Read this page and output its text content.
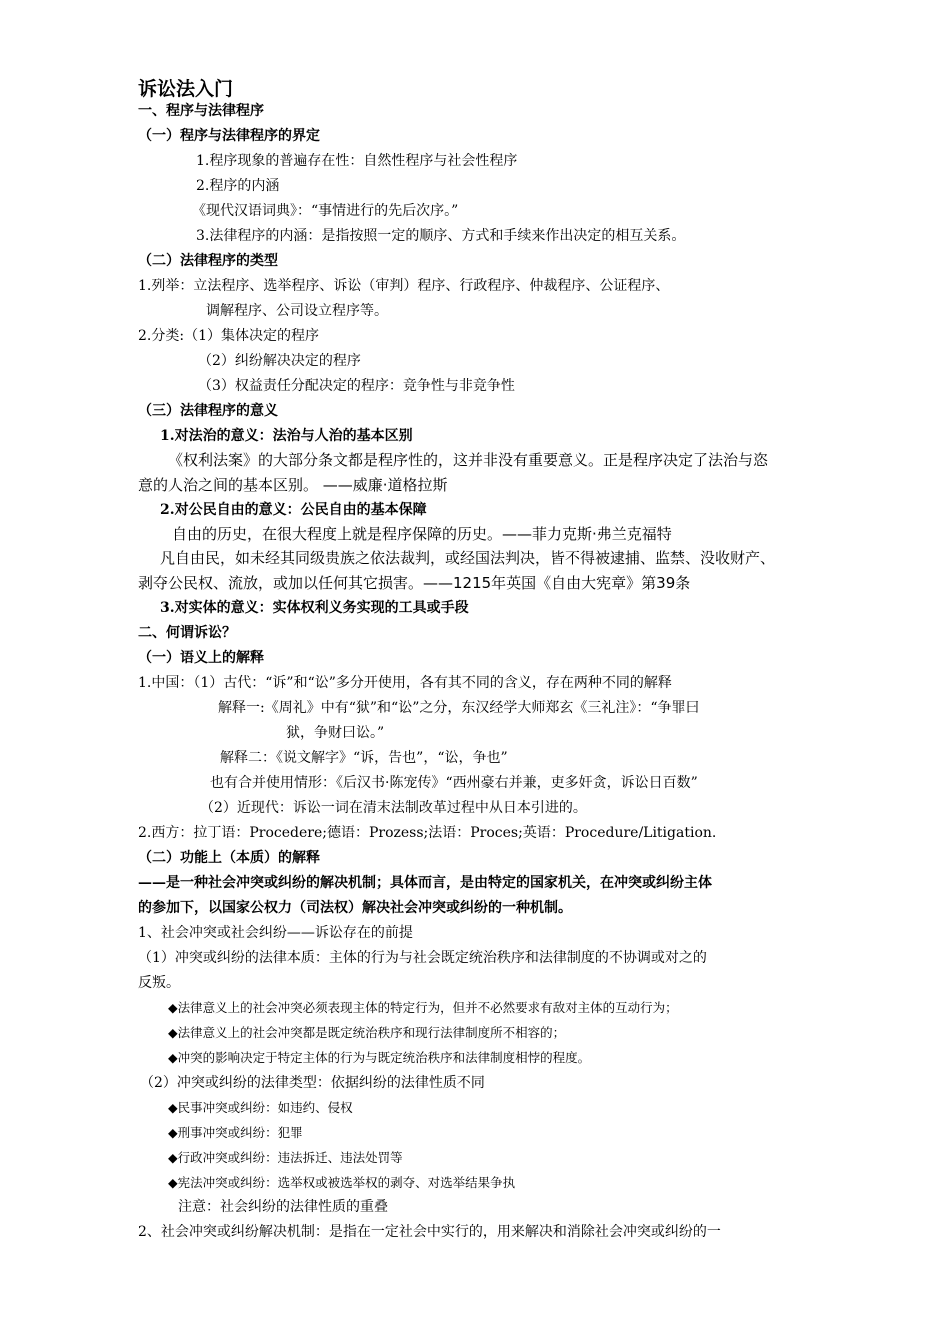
诉讼法入门
一、程序与法律程序
（一）程序与法律程序的界定
1.程序现象的普遍存在性：自然性程序与社会性程序
2.程序的内涵
《现代汉语词典》：“事情进行的先后次序。”
3.法律程序的内涵：是指按照一定的顺序、方式和手续来作出决定的相互关系。
（二）法律程序的类型
1.列举：立法程序、选举程序、诉讼（审判）程序、行政程序、仲裁程序、公证程序、
调解程序、公司设立程序等。
2.分类:（1）集体决定的程序
（2）纠纷解决决定的程序
（3）权益责任分配决定的程序：竞争性与非竞争性
（三）法律程序的意义
1.对法治的意义：法治与人治的基本区别
《权利法案》的大部分条文都是程序性的，这并非没有重要意义。正是程序决定了法治与恣
意的人治之间的基本区别。 ——威廉·道格拉斯
2.对公民自由的意义：公民自由的基本保障
自由的历史，在很大程度上就是程序保障的历史。——菲力克斯·弗兰克福特
凡自由民，如未经其同级贵族之依法裁判，或经国法判决，皆不得被逮捕、监禁、没收财产、
剥夺公民权、流放，或加以任何其它损害。——1215年英国《自由大宪章》第39条
3.对实体的意义：实体权利义务实现的工具或手段
二、何谓诉讼？
（一）语义上的解释
1.中国：（1）古代：“诉”和“讼”多分开使用，各有其不同的含义，存在两种不同的解释
解释一:《周礼》中有“狱”和“讼”之分，东汉经学大师郑玄《三礼注》：“争罪曰
狱，争财曰讼。”
解释二：《说文解字》“诉，告也”，“讼，争也”
也有合并使用情形：《后汉书·陈宠传》“西州豪右并兼，吏多奸贪，诉讼日百数”
（2）近现代：诉讼一词在清末法制改革过程中从日本引进的。
2.西方：拉丁语：Procedere;德语：Prozess;法语：Proces;英语：Procedure/Litigation.
（二）功能上（本质）的解释
——是一种社会冲突或纠纷的解决机制；具体而言，是由特定的国家机关，在冲突或纠纷主体
的参加下，以国家公权力（司法权）解决社会冲突或纠纷的一种机制。
1、社会冲突或社会纠纷——诉讼存在的前提
（1）冲突或纠纷的法律本质：主体的行为与社会既定统治秩序和法律制度的不协调或对之的
反叛。
◆法律意义上的社会冲突必须表现主体的特定行为，但并不必然要求有敌对主体的互动行为；
◆法律意义上的社会冲突都是既定统治秩序和现行法律制度所不相容的；
◆冲突的影响决定于特定主体的行为与既定统治秩序和法律制度相悖的程度。
（2）冲突或纠纷的法律类型：依据纠纷的法律性质不同
◆民事冲突或纠纷：如违约、侵权
◆刑事冲突或纠纷：犯罪
◆行政冲突或纠纷：违法拆迁、违法处罚等
◆宪法冲突或纠纷：选举权或被选举权的剥夺、对选举结果争执
注意：社会纠纷的法律性质的重叠
2、社会冲突或纠纷解决机制：是指在一定社会中实行的，用来解决和消除社会冲突或纠纷的一
